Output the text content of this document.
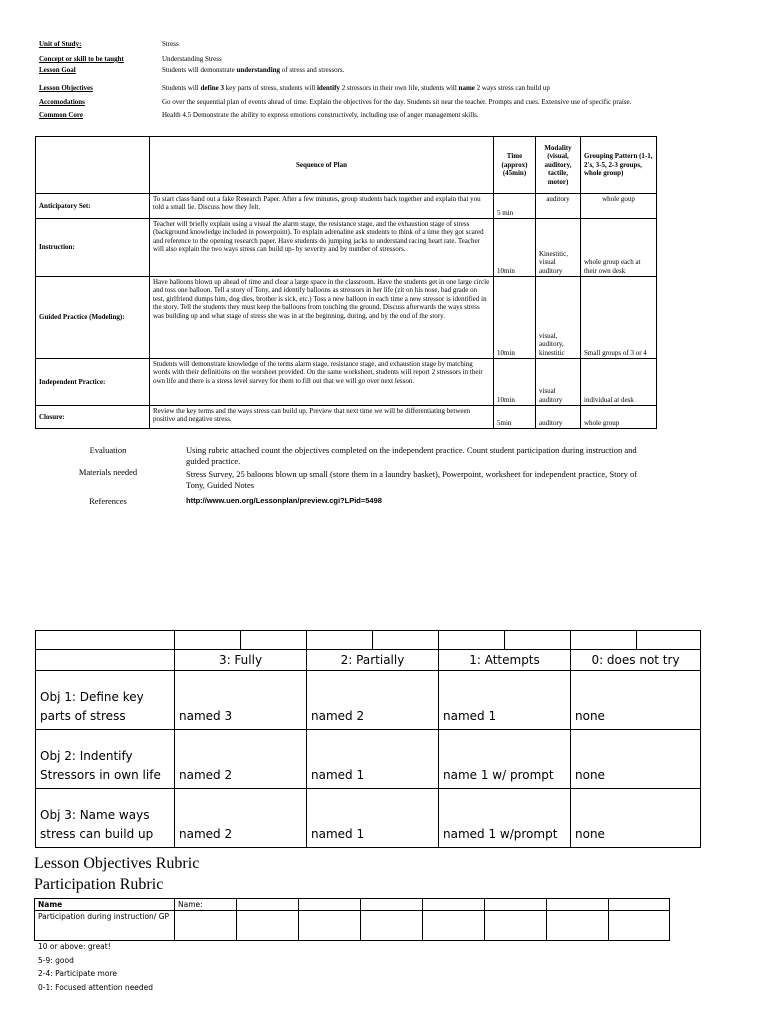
Unit of Study:	Stress
Concept or skill to be taught	Understanding Stress
Lesson Goal	Students will demonstrate understanding of stress and stressors.
Lesson Objectives	Students will define 3 key parts of stress, students will identify 2 stressors in their own life, students will name 2 ways stress can build up
Accomodations	Go over the sequential plan of events ahead of time. Explain the objectives for the day. Students sit near the teacher. Prompts and cues. Extensive use of specific praise.
Common Core	Health 4.5 Demonstrate the ability to express emotions constructively, including use of anger management skills.
	Sequence of Plan	Time (approx) (45min)	Modality (visual, auditory, tactile, motor)	Grouping Pattern (1-1, 2's, 3-5, 2-3 groups, whole group)
Anticipatory Set:	To start class hand out a fake Research Paper. After a few minutes, group students back together and explain that you told a small lie. Discuss how they felt.	5 min	auditory	whole goup
Instruction:	Teacher will briefly explain using a visual the alarm stage, the resistance stage, and the exhaustion stage of stress (background knowledge included in powerpoint). To explain adrenaline ask students to think of a time they got scared and reference to the opening research paper. Have students do jumping jacks to understand racing heart rate. Teacher will also explain the two ways stress can build up- by severity and by number of stressors.	10min	Kinestitic, visual auditory	whole group each at their own desk
Guided Practice (Modeling):	Have balloons blown up ahead of time and clear a large space in the classroom. Have the students get in one large circle and toss one balloon. Tell a story of Tony, and identify balloons as stressors in her life (zit on his nose, bad grade on test, girlfriend dumps him, dog dies, brother is sick, etc.) Toss a new balloon in each time a new stressor is identified in the story. Tell the students they must keep the balloons from touching the ground. Discuss afterwards the ways stress was building up and what stage of stress she was in at the beginning, during, and by the end of the story.	10min	visual, auditory, kinestitic	Small groups of 3 or 4
Independent Practice:	Students will demonstrate knowledge of the terms alarm stage, resistance stage, and exhaustion stage by matching words with their definitions on the worsheet provided. On the same worksheet, students will report 2 stressors in their own life and there is a stress level survey for them to fill out that we will go over next lesson.	10min	visual auditory	individual at desk
Closure:	Review the key terms and the ways stress can build up. Preview that next time we will be differentiating between positive and negative stress.	5min	auditory	whole group
Evaluation	Using rubric attached count the objectives completed on the independent practice. Count student participation during instruction and guided practice.
Materials needed	Stress Survey, 25 baloons blown up small (store them in a laundry basket), Powerpoint, worksheet for independent practice, Story of Tony, Guided Notes
References	http://www.uen.org/Lessonplan/preview.cgi?LPid=5498

	3: Fully		2: Partially		1: Attempts		0: does not try	
Obj 1: Define key parts of stress	named 3		named 2		named 1		none	
Obj 2: Indentify Stressors in own life	named 2		named 1		name 1 w/ prompt		none	
Obj 3: Name ways stress can build up	named 2		named 1		named 1 w/prompt		none	
Lesson Objectives Rubric
Participation Rubric
Name	Name:							
Participation during instruction/ GP								
10 or above: great!
5-9: good
2-4: Participate more
0-1: Focused attention needed
